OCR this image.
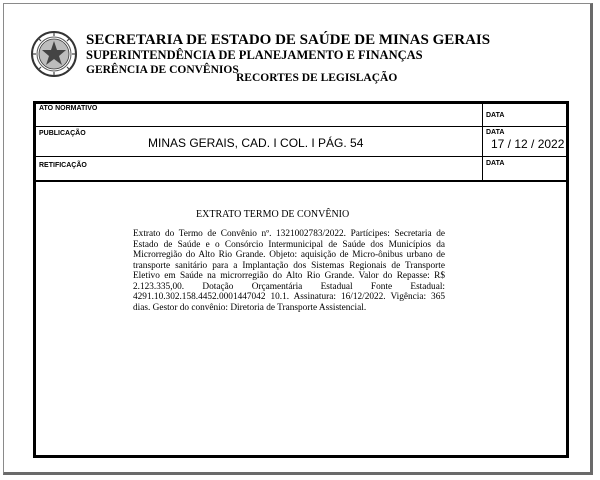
SECRETARIA DE ESTADO DE SAÚDE DE MINAS GERAIS
SUPERINTENDÊNCIA DE PLANEJAMENTO E FINANÇAS
GERÊNCIA DE CONVÊNIOS
RECORTES DE LEGISLAÇÃO
ATO NORMATIVO
DATA
PUBLICAÇÃO
MINAS GERAIS, CAD. I COL. I PÁG. 54
DATA
17 / 12 / 2022
RETIFICAÇÃO	DATA
EXTRATO TERMO DE CONVÊNIO
Extrato do Termo de Convênio nº. 1321002783/2022. Partícipes: Secretaria de Estado de Saúde e o Consórcio Intermunicipal de Saúde dos Municípios da Microrregião do Alto Rio Grande. Objeto: aquisição de Micro-ônibus urbano de transporte sanitário para a Implantação dos Sistemas Regionais de Transporte Eletivo em Saúde na microrregião do Alto Rio Grande. Valor do Repasse: R$ 2.123.335,00. Dotação Orçamentária Estadual Fonte Estadual: 4291.10.302.158.4452.0001447042 10.1. Assinatura: 16/12/2022. Vigência: 365 dias. Gestor do convênio: Diretoria de Transporte Assistencial.
